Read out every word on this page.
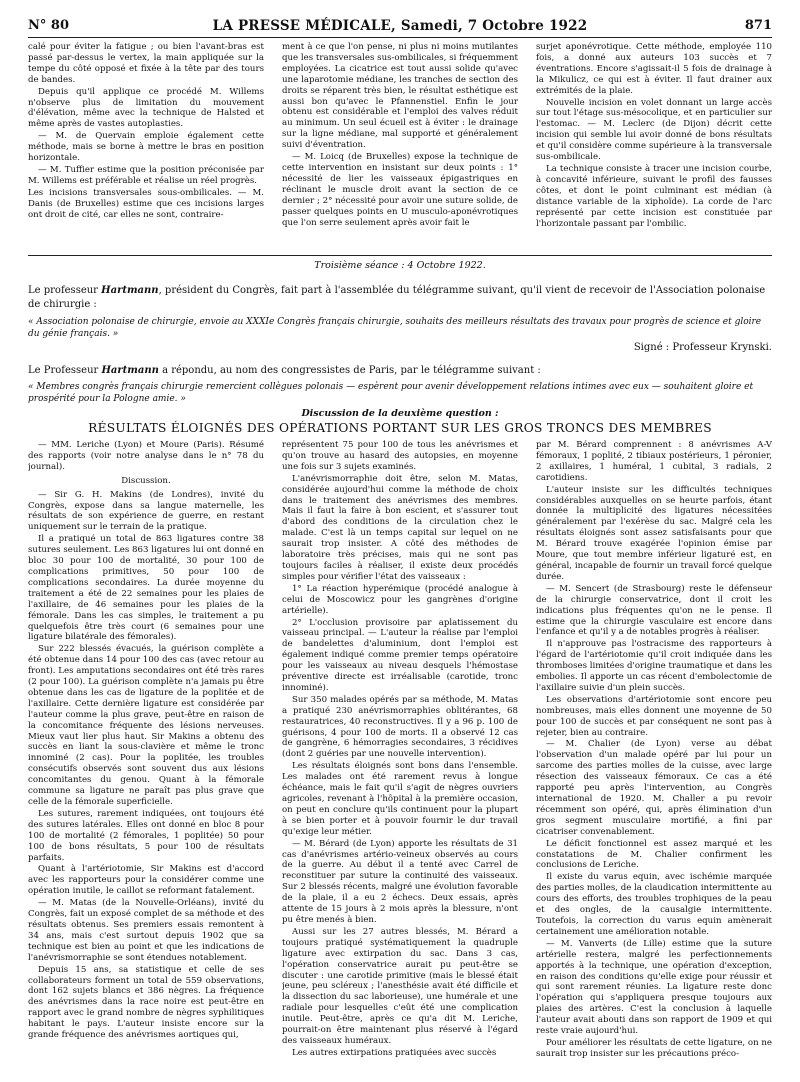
N° 80	LA PRESSE MÉDICALE, Samedi, 7 Octobre 1922	871

calé pour éviter la fatigue ; ou bien l'avant-bras est passé par-dessus le vertex, la main appliquée sur la tempe du côté opposé et fixée à la tête par des tours de bandes.

Depuis qu'il applique ce procédé M. Willems n'observe plus de limitation du mouvement d'élévation, même avec la technique de Halsted et même après de vastes autoplasties.

— M. de Quervain emploie également cette méthode, mais se borne à mettre le bras en position horizontale.

— M. Tuffier estime que la position préconisée par M. Willems est préférable et réalise un réel progrès.

Les incisions transversales sous-ombilicales. — M. Danis (de Bruxelles) estime que ces incisions larges ont droit de cité, car elles ne sont, contraire-

ment à ce que l'on pense, ni plus ni moins mutilantes que les transversales sus-ombilicales, si fréquemment employées. La cicatrice est tout aussi solide qu'avec une laparotomie médiane, les tranches de section des droits se réparent très bien, le résultat esthétique est aussi bon qu'avec le Pfannenstiel. Enfin le jour obtenu est considérable et l'emploi des valves réduit au minimum. Un seul écueil est à éviter : le drainage sur la ligne médiane, mal supporté et généralement suivi d'éventration.

— M. Loicq (de Bruxelles) expose la technique de cette intervention en insistant sur deux points : 1° nécessité de lier les vaisseaux épigastriques en réclinant le muscle droit avant la section de ce dernier ; 2° nécessité pour avoir une suture solide, de passer quelques points en U musculo-aponévrotiques que l'on serre seulement après avoir fait le

surjet aponévrotique. Cette méthode, employée 110 fois, a donné aux auteurs 103 succès et 7 éventrations. Encore s'agissait-il 5 fois de drainage à la Mikulicz, ce qui est à éviter. Il faut drainer aux extrémités de la plaie.

Nouvelle incision en volet donnant un large accès sur tout l'étage sus-mésocolique, et en particulier sur l'estomac. — M. Leclerc (de Dijon) décrit cette incision qui semble lui avoir donné de bons résultats et qu'il considère comme supérieure à la transversale sus-ombilicale.

La technique consiste à tracer une incision courbe, à concavité inférieure, suivant le profil des fausses côtes, et dont le point culminant est médian (à distance variable de la xiphoïde). La corde de l'arc représenté par cette incision est constituée par l'horizontale passant par l'ombilic.

Troisième séance : 4 Octobre 1922.
Le professeur Hartmann, président du Congrès, fait part à l'assemblée du télégramme suivant, qu'il vient de recevoir de l'Association polonaise de chirurgie :
« Association polonaise de chirurgie, envoie au XXXIe Congrès français chirurgie, souhaits des meilleurs résultats des travaux pour progrès de science et gloire du génie français. »
Signé : Professeur Krynski.
Le Professeur Hartmann a répondu, au nom des congressistes de Paris, par le télégramme suivant :
« Membres congrès français chirurgie remercient collègues polonais — espèrent pour avenir développement relations intimes avec eux — souhaitent gloire et prospérité pour la Pologne amie. »
Discussion de la deuxième question :
RÉSULTATS ÉLOIGNÉS DES OPÉRATIONS PORTANT SUR LES GROS TRONCS DES MEMBRES

— MM. Leriche (Lyon) et Moure (Paris). Résumé des rapports (voir notre analyse dans le n° 78 du journal).

Discussion.

— Sir G. H. Makins (de Londres), invité du Congrès, expose dans sa langue maternelle, les résultats de son expérience de guerre, en restant uniquement sur le terrain de la pratique.

Il a pratiqué un total de 863 ligatures contre 38 sutures seulement. Les 863 ligatures lui ont donné en bloc 30 pour 100 de mortalité, 30 pour 100 de complications primitives, 50 pour 100 de complications secondaires. La durée moyenne du traitement a été de 22 semaines pour les plaies de l'axillaire, de 46 semaines pour les plaies de la fémorale. Dans les cas simples, le traitement a pu quelquefois être très court (6 semaines pour une ligature bilatérale des fémorales).

Sur 222 blessés évacués, la guérison complète a été obtenue dans 14 pour 100 des cas (avec retour au front). Les amputations secondaires ont été très rares (2 pour 100). La guérison complète n'a jamais pu être obtenue dans les cas de ligature de la poplitée et de l'axillaire. Cette dernière ligature est considérée par l'auteur comme la plus grave, peut-être en raison de la concomitance fréquente des lésions nerveuses. Mieux vaut lier plus haut. Sir Makins a obtenu des succès en liant la sous-clavière et même le tronc innominé (2 cas). Pour la poplitée, les troubles consécutifs observés sont souvent dus aux lésions concomitantes du genou. Quant à la fémorale commune sa ligature ne paraît pas plus grave que celle de la fémorale superficielle.

Les sutures, rarement indiquées, ont toujours été des sutures latérales. Elles ont donné en bloc 8 pour 100 de mortalité (2 fémorales, 1 poplitée) 50 pour 100 de bons résultats, 5 pour 100 de résultats parfaits.

Quant à l'artériotomie, Sir Makins est d'accord avec les rapporteurs pour la considérer comme une opération inutile, le caillot se reformant fatalement.

— M. Matas (de la Nouvelle-Orléans), invité du Congrès, fait un exposé complet de sa méthode et des résultats obtenus. Ses premiers essais remontent à 34 ans, mais c'est surtout depuis 1902 que sa technique est bien au point et que les indications de l'anévrismorraphie se sont étendues notablement.

Depuis 15 ans, sa statistique et celle de ses collaborateurs forment un total de 559 observations, dont 162 sujets blancs et 386 nègres. La fréquence des anévrismes dans la race noire est peut-être en rapport avec le grand nombre de nègres syphilitiques habitant le pays. L'auteur insiste encore sur la grande fréquence des anévrismes aortiques qui,

représentent 75 pour 100 de tous les anévrismes et qu'on trouve au hasard des autopsies, en moyenne une fois sur 3 sujets examinés.

L'anévrismorraphie doit être, selon M. Matas, considérée aujourd'hui comme la méthode de choix dans le traitement des anévrismes des membres. Mais il faut la faire à bon escient, et s'assurer tout d'abord des conditions de la circulation chez le malade. C'est là un temps capital sur lequel on ne saurait trop insister. A côté des méthodes de laboratoire très précises, mais qui ne sont pas toujours faciles à réaliser, il existe deux procédés simples pour vérifier l'état des vaisseaux :

1° La réaction hyperémique (procédé analogue à celui de Moscowicz pour les gangrènes d'origine artérielle).

2° L'occlusion provisoire par aplatissement du vaisseau principal. — L'auteur la réalise par l'emploi de bandelettes d'aluminium, dont l'emploi est également indiqué comme premier temps opératoire pour les vaisseaux au niveau desquels l'hémostase préventive directe est irréalisable (carotide, tronc innominé).

Sur 350 malades opérés par sa méthode, M. Matas a pratiqué 230 anévrismorraphies oblitérantes, 68 restauratrices, 40 reconstructives. Il y a 96 p. 100 de guérisons, 4 pour 100 de morts. Il a observé 12 cas de gangrène, 6 hémorragies secondaires, 3 récidives (dont 2 guéries par une nouvelle intervention).

Les résultats éloignés sont bons dans l'ensemble. Les malades ont été rarement revus à longue échéance, mais le fait qu'il s'agit de nègres ouvriers agricoles, revenant à l'hôpital à la première occasion, on peut en conclure qu'ils continuent pour la plupart à se bien porter et à pouvoir fournir le dur travail qu'exige leur métier.

— M. Bérard (de Lyon) apporte les résultats de 31 cas d'anévrismes artério-veineux observés au cours de la guerre. Au début il a tenté avec Carrel de reconstituer par suture la continuité des vaisseaux. Sur 2 blessés récents, malgré une évolution favorable de la plaie, il a eu 2 échecs. Deux essais, après attente de 15 jours à 2 mois après la blessure, n'ont pu être menés à bien.

Aussi sur les 27 autres blessés, M. Bérard a toujours pratiqué systématiquement la quadruple ligature avec extirpation du sac. Dans 3 cas, l'opération conservatrice aurait pu peut-être se discuter : une carotide primitive (mais le blessé était jeune, peu scléreux ; l'anesthésie avait été difficile et la dissection du sac laborieuse), une humérale et une radiale pour lesquelles c'eût été une complication inutile. Peut-être, après ce qu'a dit M. Leriche, pourrait-on être maintenant plus réservé à l'égard des vaisseaux huméraux.

Les autres extirpations pratiquées avec succès

par M. Bérard comprennent : 8 anévrismes A-V fémoraux, 1 poplité, 2 tibiaux postérieurs, 1 péronier, 2 axillaires, 1 huméral, 1 cubital, 3 radials, 2 carotidiens.

L'auteur insiste sur les difficultés techniques considérables auxquelles on se heurte parfois, étant donnée la multiplicité des ligatures nécessitées généralement par l'exérèse du sac. Malgré cela les résultats éloignés sont assez satisfaisants pour que M. Bérard trouve exagérée l'opinion émise par Moure, que tout membre inférieur ligaturé est, en général, incapable de fournir un travail forcé quelque durée.

— M. Sencert (de Strasbourg) reste le défenseur de la chirurgie conservatrice, dont il croit les indications plus fréquentes qu'on ne le pense. Il estime que la chirurgie vasculaire est encore dans l'enfance et qu'il y a de notables progrès à réaliser.

Il n'approuve pas l'ostracisme des rapporteurs à l'égard de l'artériotomie qu'il croit indiquée dans les thromboses limitées d'origine traumatique et dans les embolies. Il apporte un cas récent d'embolectomie de l'axillaire suivie d'un plein succès.

Les observations d'artériotomie sont encore peu nombreuses, mais elles donnent une moyenne de 50 pour 100 de succès et par conséquent ne sont pas à rejeter, bien au contraire.

— M. Chalier (de Lyon) verse au débat l'observation d'un malade opéré par lui pour un sarcome des parties molles de la cuisse, avec large résection des vaisseaux fémoraux. Ce cas a été rapporté peu après l'intervention, au Congrès international de 1920. M. Challer a pu revoir récemment son opéré, qui, après élimination d'un gros segment musculaire mortifié, a fini par cicatriser convenablement.

Le déficit fonctionnel est assez marqué et les constatations de M. Chalier confirment les conclusions de Leriche.

Il existe du varus equin, avec ischémie marquée des parties molles, de la claudication intermittente au cours des efforts, des troubles trophiques de la peau et des ongles, de la causalgie intermittente. Toutefois, la correction du varus equin amènerait certainement une amélioration notable.

— M. Vanverts (de Lille) estime que la suture artérielle restera, malgré les perfectionnements apportés à la technique, une opération d'exception, en raison des conditions qu'elle exige pour réussir et qui sont rarement réunies. La ligature reste donc l'opération qui s'appliquera presque toujours aux plaies des artères. C'est la conclusion à laquelle l'auteur avait abouti dans son rapport de 1909 et qui reste vraie aujourd'hui.

Pour améliorer les résultats de cette ligature, on ne saurait trop insister sur les précautions préco-
